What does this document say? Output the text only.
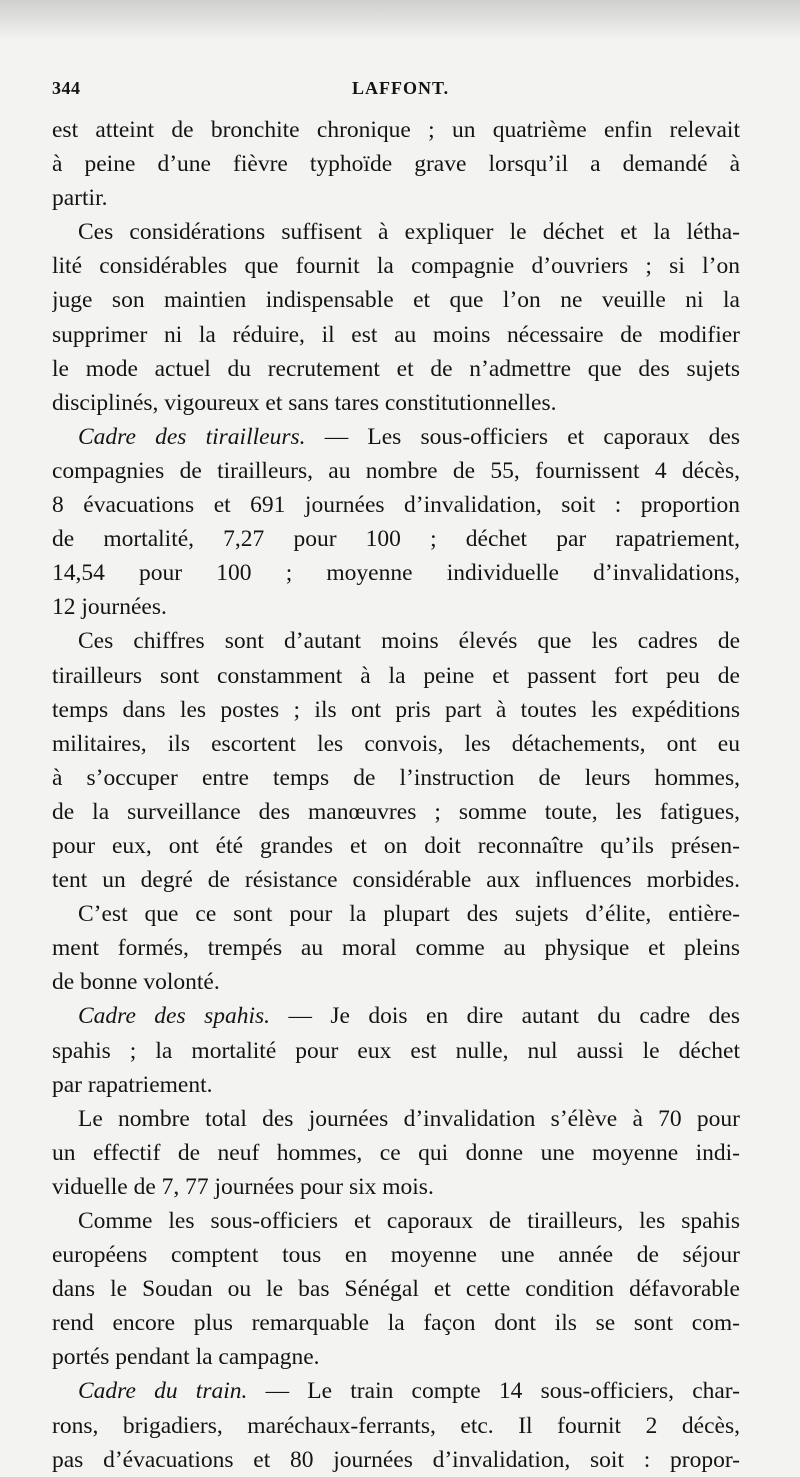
344	LAFFONT.
est atteint de bronchite chronique ; un quatrième enfin relevait
à peine d’une fièvre typhoïde grave lorsqu’il a demandé à
partir.
Ces considérations suffisent à expliquer le déchet et la létha-
lité considérables que fournit la compagnie d’ouvriers ; si l’on
juge son maintien indispensable et que l’on ne veuille ni la
supprimer ni la réduire, il est au moins nécessaire de modifier
le mode actuel du recrutement et de n’admettre que des sujets
disciplinés, vigoureux et sans tares constitutionnelles.
Cadre des tirailleurs. — Les sous-officiers et caporaux des
compagnies de tirailleurs, au nombre de 55, fournissent 4 décès,
8 évacuations et 691 journées d’invalidation, soit : proportion
de mortalité, 7,27 pour 100 ; déchet par rapatriement,
14,54 pour 100 ; moyenne individuelle d’invalidations,
12 journées.
Ces chiffres sont d’autant moins élevés que les cadres de
tirailleurs sont constamment à la peine et passent fort peu de
temps dans les postes ; ils ont pris part à toutes les expéditions
militaires, ils escortent les convois, les détachements, ont eu
à s’occuper entre temps de l’instruction de leurs hommes,
de la surveillance des manœuvres ; somme toute, les fatigues,
pour eux, ont été grandes et on doit reconnaître qu’ils présen-
tent un degré de résistance considérable aux influences morbides.
C’est que ce sont pour la plupart des sujets d’élite, entière-
ment formés, trempés au moral comme au physique et pleins
de bonne volonté.
Cadre des spahis. — Je dois en dire autant du cadre des
spahis ; la mortalité pour eux est nulle, nul aussi le déchet
par rapatriement.
Le nombre total des journées d’invalidation s’élève à 70 pour
un effectif de neuf hommes, ce qui donne une moyenne indi-
viduelle de 7, 77 journées pour six mois.
Comme les sous-officiers et caporaux de tirailleurs, les spahis
européens comptent tous en moyenne une année de séjour
dans le Soudan ou le bas Sénégal et cette condition défavorable
rend encore plus remarquable la façon dont ils se sont com-
portés pendant la campagne.
Cadre du train. — Le train compte 14 sous-officiers, char-
rons, brigadiers, maréchaux-ferrants, etc. Il fournit 2 décès,
pas d’évacuations et 80 journées d’invalidation, soit : propor-
